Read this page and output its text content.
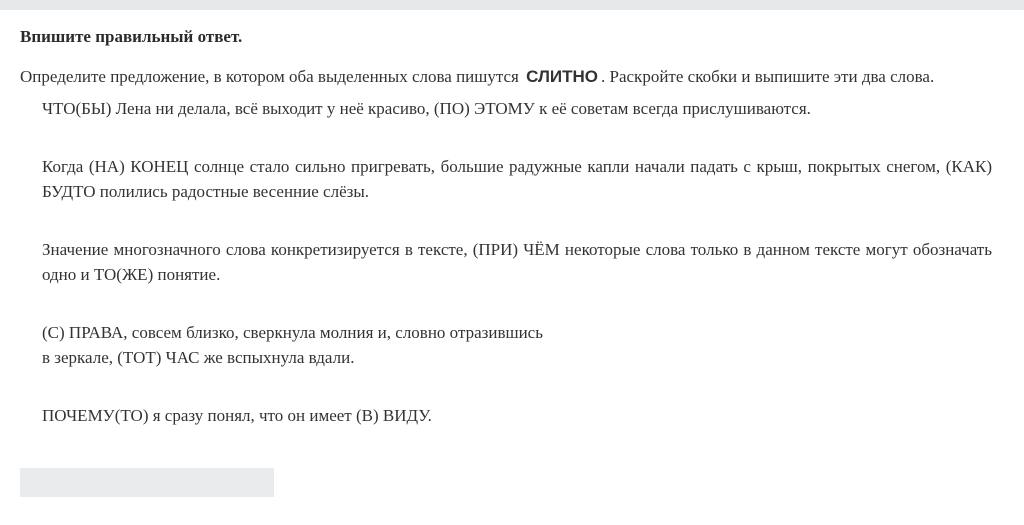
Впишите правильный ответ.
Определите предложение, в котором оба выделенных слова пишутся СЛИТНО . Раскройте скобки и выпишите эти два слова.

ЧТО(БЫ) Лена ни делала, всё выходит у неё красиво, (ПО) ЭТОМУ к её советам всегда прислушиваются.

Когда (НА) КОНЕЦ солнце стало сильно пригревать, большие радужные капли начали падать с крыш, покрытых снегом, (КАК) БУДТО полились радостные весенние слёзы.

Значение многозначного слова конкретизируется в тексте, (ПРИ) ЧЁМ некоторые слова только в данном тексте могут обозначать одно и ТО(ЖЕ) понятие.

(С) ПРАВА, совсем близко, сверкнула молния и, словно отразившись
в зеркале, (ТОТ) ЧАС же вспыхнула вдали.

ПОЧЕМУ(ТО) я сразу понял, что он имеет (В) ВИДУ.
